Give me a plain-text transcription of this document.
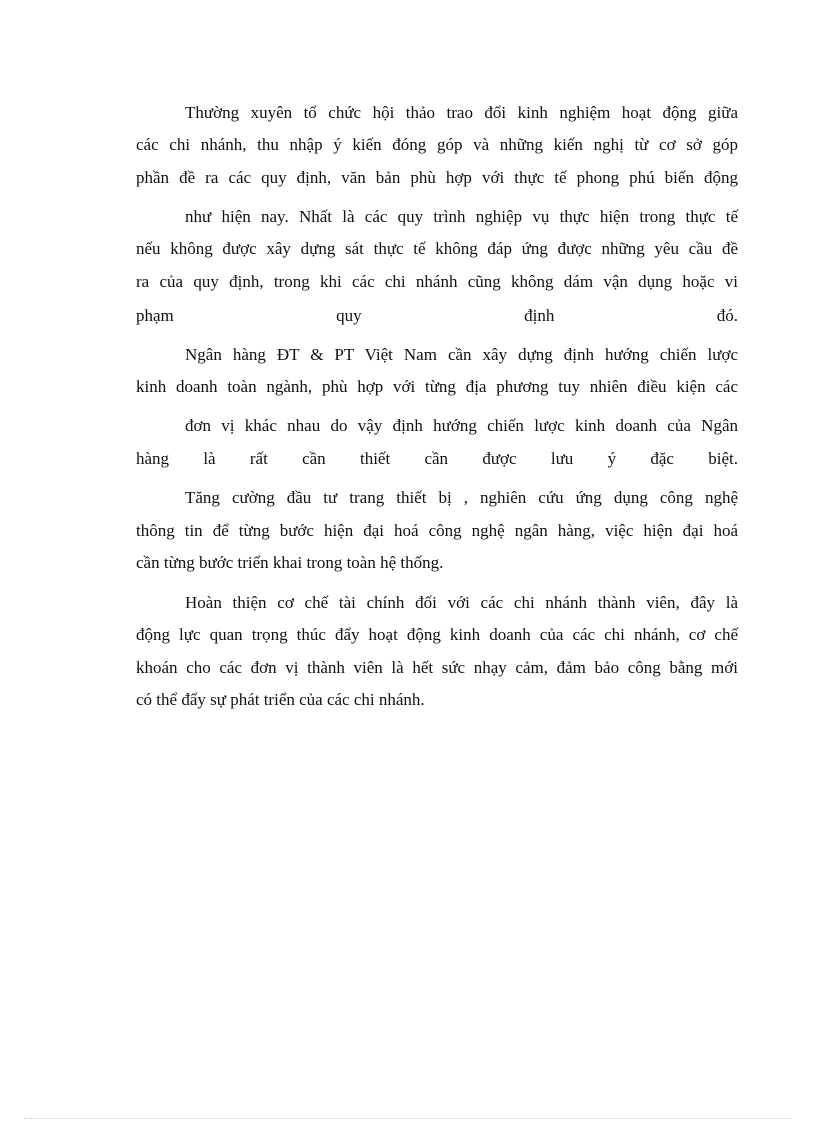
Thường xuyên tổ chức hội thảo trao đổi kinh nghiệm hoạt động giữa
các chi nhánh, thu nhập ý kiến đóng góp và những kiến nghị từ cơ sở góp
phần đề ra các quy định, văn bản phù hợp với thực tế phong phú biến động
như hiện nay. Nhất là các quy trình nghiệp vụ thực hiện trong thực tế
nếu không được xây dựng sát thực tế không đáp ứng được những yêu cầu đề
ra của quy định, trong khi các chi nhánh cũng không dám vận dụng hoặc vi
phạm quy định đó.
Ngân hàng ĐT & PT Việt Nam cần xây dựng định hướng chiến lược
kinh doanh toàn ngành, phù hợp với từng địa phương tuy nhiên điều kiện các
đơn vị khác nhau do vậy định hướng chiến lược kinh doanh của Ngân
hàng là rất cần thiết cần được lưu ý đặc biệt.
Tăng cường đầu tư trang thiết bị , nghiên cứu ứng dụng công nghệ
thông tin để từng bước hiện đại hoá công nghệ ngân hàng, việc hiện đại hoá
cần từng bước triển khai trong toàn hệ thống.
Hoàn thiện cơ chế tài chính đối với các chi nhánh thành viên, đây là
động lực quan trọng thúc đẩy hoạt động kinh doanh của các chi nhánh, cơ chế
khoán cho các đơn vị thành viên là hết sức nhạy cảm, đảm bảo công bằng mới
có thể đẩy sự phát triển của các chi nhánh.
